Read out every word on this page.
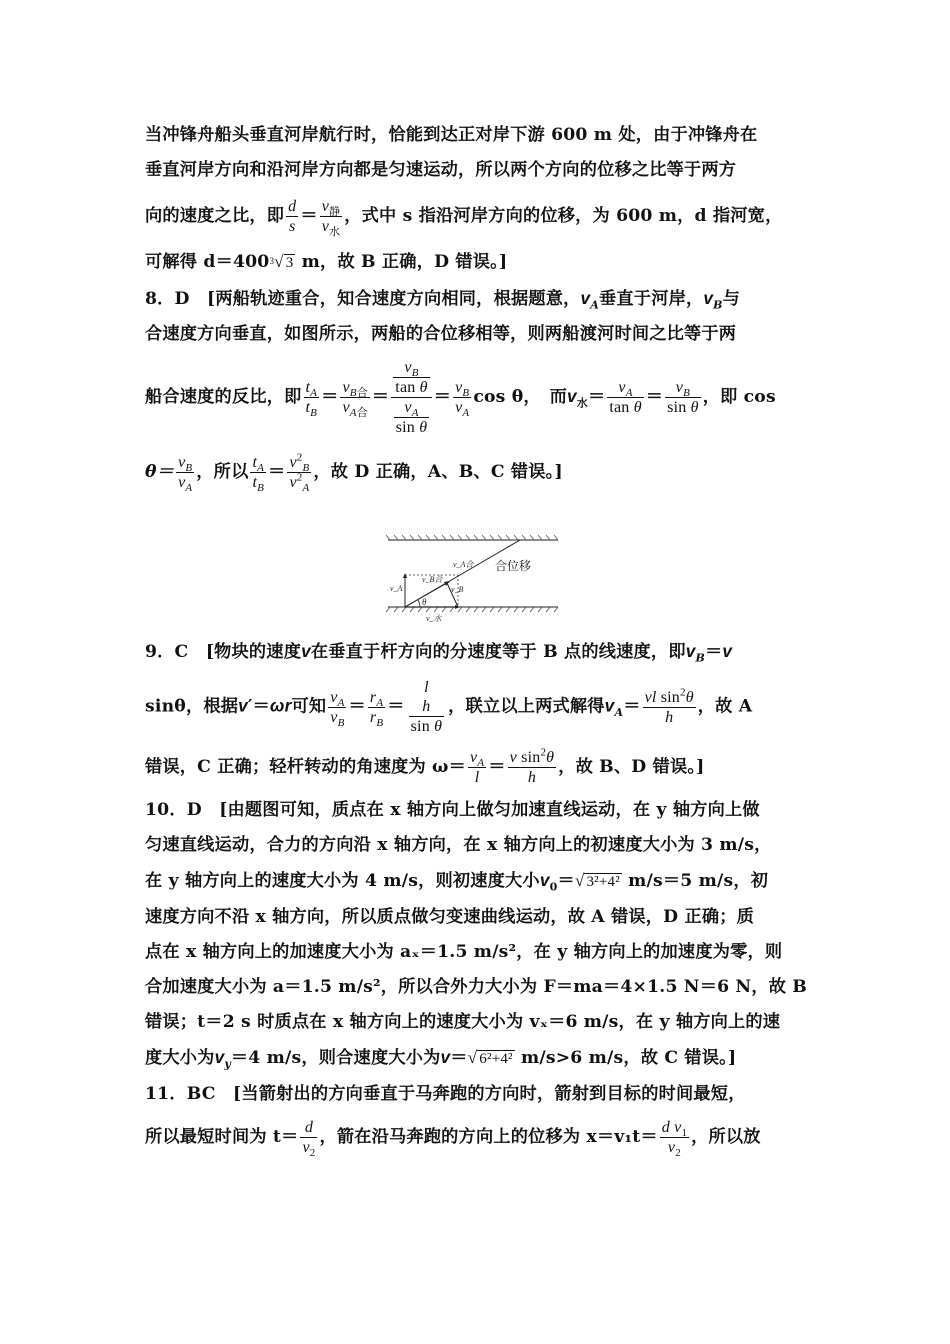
当冲锋舟船头垂直河岸航行时，恰能到达正对岸下游 600 m 处，由于冲锋舟在
垂直河岸方向和沿河岸方向都是匀速运动，所以两个方向的位移之比等于两方
向的速度之比，即 $\frac{d}{s} = \frac{v_静}{v_水}$ ，式中 s 指沿河岸方向的位移，为 600 m，d 指河宽，
可解得 $d=400^3√$ 3 m，故 B 正确，D 错误。]
8．D　[两船轨迹重合，知合速度方向相同，根据题意，$v_A$垂直于河岸，$v_B$与
合速度方向垂直，如图所示，两船的合位移相等，则两船渡河时间之比等于两
船合速度的反比，即 $\frac{t_A}{t_B} = \frac{v_{B合}}{v_{A合}} = \frac{\frac{v_B}{\text{tan θ}}}{\frac{v_A}{\text{sin θ}}} = \frac{v_B}{v_A}$ cos θ，　而$v_水= \frac{v_A}{\text{tan θ}} = \frac{v_B}{\text{sin θ}}$ ，即 cos
$\theta= \frac{v_B}{v_A}$ ，所以 $\frac{t_A}{t_B} = \frac{v^2_B}{v^2_A}$ ，故 D 正确，A、B、C 错误。]
合位移
v_A
v_A合
v_B合
v_B
θ
v_水
9．C　[物块的速度v在垂直于杆方向的分速度等于 B 点的线速度，即$v_B=v$
sinθ，根据v′＝ωr可知 $\frac{v_A}{v_B} = \frac{r_A}{r_B}$ ＝
l
$\frac{h}{\text{sin θ}}$ ，联立以上两式解得$v_A= \frac{vl \sin^2\theta}{h}$ ，故 A
错误，C 正确；轻杆转动的角速度为 $\omega= \frac{v_A}{l} = \frac{v \sin^2\theta}{h}$ ，故 B、D 错误。]
10．D　[由题图可知，质点在 x 轴方向上做匀加速直线运动，在 y 轴方向上做
匀速直线运动，合力的方向沿 x 轴方向，在 x 轴方向上的初速度大小为 3 m/s，
在 y 轴方向上的速度大小为 4 m/s，则初速度大小$v_0=√$ 3²+4² m/s＝5 m/s，初
速度方向不沿 x 轴方向，所以质点做匀变速曲线运动，故 A 错误，D 正确；质
点在 x 轴方向上的加速度大小为 aₓ＝1.5 m/s²，在 y 轴方向上的加速度为零，则
合加速度大小为 a＝1.5 m/s²，所以合外力大小为 F＝ma＝4×1.5 N＝6 N，故 B
错误；t＝2 s 时质点在 x 轴方向上的速度大小为 vₓ＝6 m/s，在 y 轴方向上的速
度大小为$v_y=4$ m/s，则合速度大小为v＝√ 6²+4² m/s>6 m/s，故 C 错误。]
11．BC　[当箭射出的方向垂直于马奔跑的方向时，箭射到目标的时间最短，
所以最短时间为 $t= \frac{d}{v_2}$ ，箭在沿马奔跑的方向上的位移为 $x=v_1t= \frac{d v_1}{v_2}$ ，所以放
